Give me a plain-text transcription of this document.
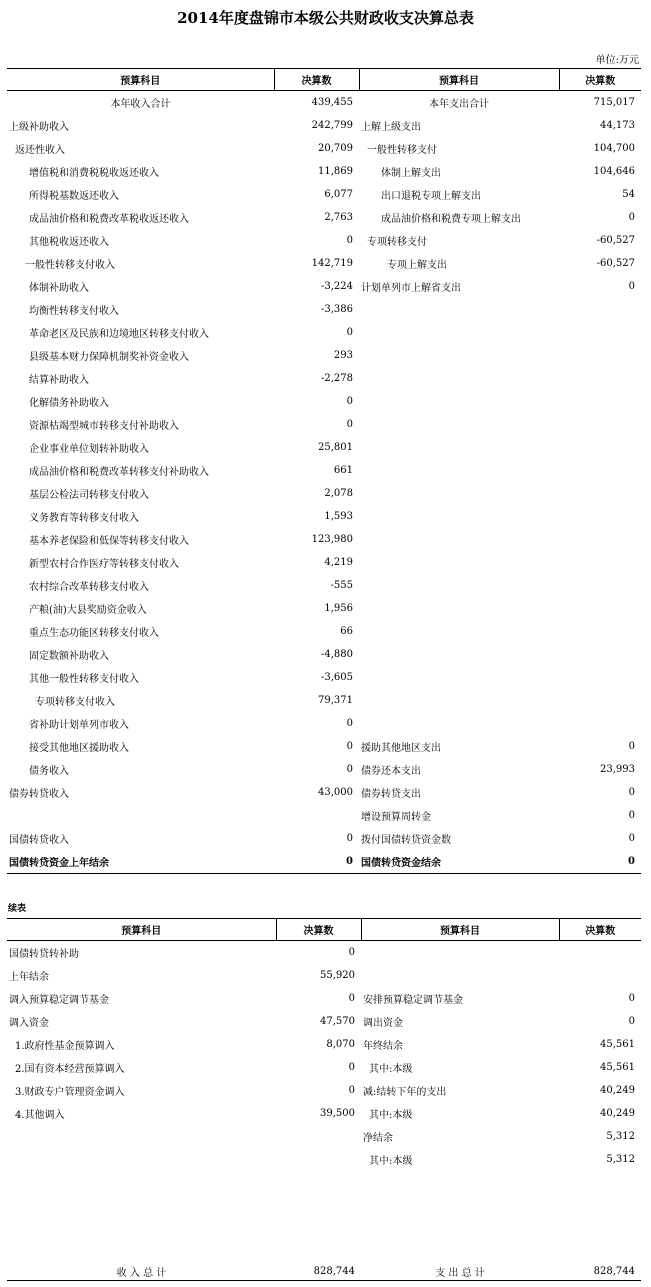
2014年度盘锦市本级公共财政收支决算总表
单位:万元
预算科目	决算数	预算科目	决算数
本年收入合计	439,455	本年支出合计	715,017
上级补助收入	242,799	上解上级支出	44,173
返还性收入	20,709	一般性转移支付	104,700
增值税和消费税税收返还收入	11,869	体制上解支出	104,646
所得税基数返还收入	6,077	出口退税专项上解支出	54
成品油价格和税费改革税收返还收入	2,763	成品油价格和税费专项上解支出	0
其他税收返还收入	0	专项转移支付	-60,527
一般性转移支付收入	142,719	专项上解支出	-60,527
体制补助收入	-3,224	计划单列市上解省支出	0
均衡性转移支付收入	-3,386		
革命老区及民族和边境地区转移支付收入	0		
县级基本财力保障机制奖补资金收入	293		
结算补助收入	-2,278		
化解债务补助收入	0		
资源枯竭型城市转移支付补助收入	0		
企业事业单位划转补助收入	25,801		
成品油价格和税费改革转移支付补助收入	661		
基层公检法司转移支付收入	2,078		
义务教育等转移支付收入	1,593		
基本养老保险和低保等转移支付收入	123,980		
新型农村合作医疗等转移支付收入	4,219		
农村综合改革转移支付收入	-555		
产粮(油)大县奖励资金收入	1,956		
重点生态功能区转移支付收入	66		
固定数额补助收入	-4,880		
其他一般性转移支付收入	-3,605		
专项转移支付收入	79,371		
省补助计划单列市收入	0		
接受其他地区援助收入	0	援助其他地区支出	0
债务收入	0	债券还本支出	23,993
债券转贷收入	43,000	债券转贷支出	0
		增设预算周转金	0
国债转贷收入	0	拨付国债转贷资金数	0
国债转贷资金上年结余	0	国债转贷资金结余	0
续表
预算科目	决算数	预算科目	决算数
国债转贷转补助	0		
上年结余	55,920		
调入预算稳定调节基金	0	安排预算稳定调节基金	0
调入资金	47,570	调出资金	0
1.政府性基金预算调入	8,070	年终结余	45,561
2.国有资本经营预算调入	0	其中:本级	45,561
3.财政专户管理资金调入	0	减:结转下年的支出	40,249
4.其他调入	39,500	其中:本级	40,249
		净结余	5,312
		其中:本级	5,312
收 入 总 计	828,744	支 出 总 计	828,744
